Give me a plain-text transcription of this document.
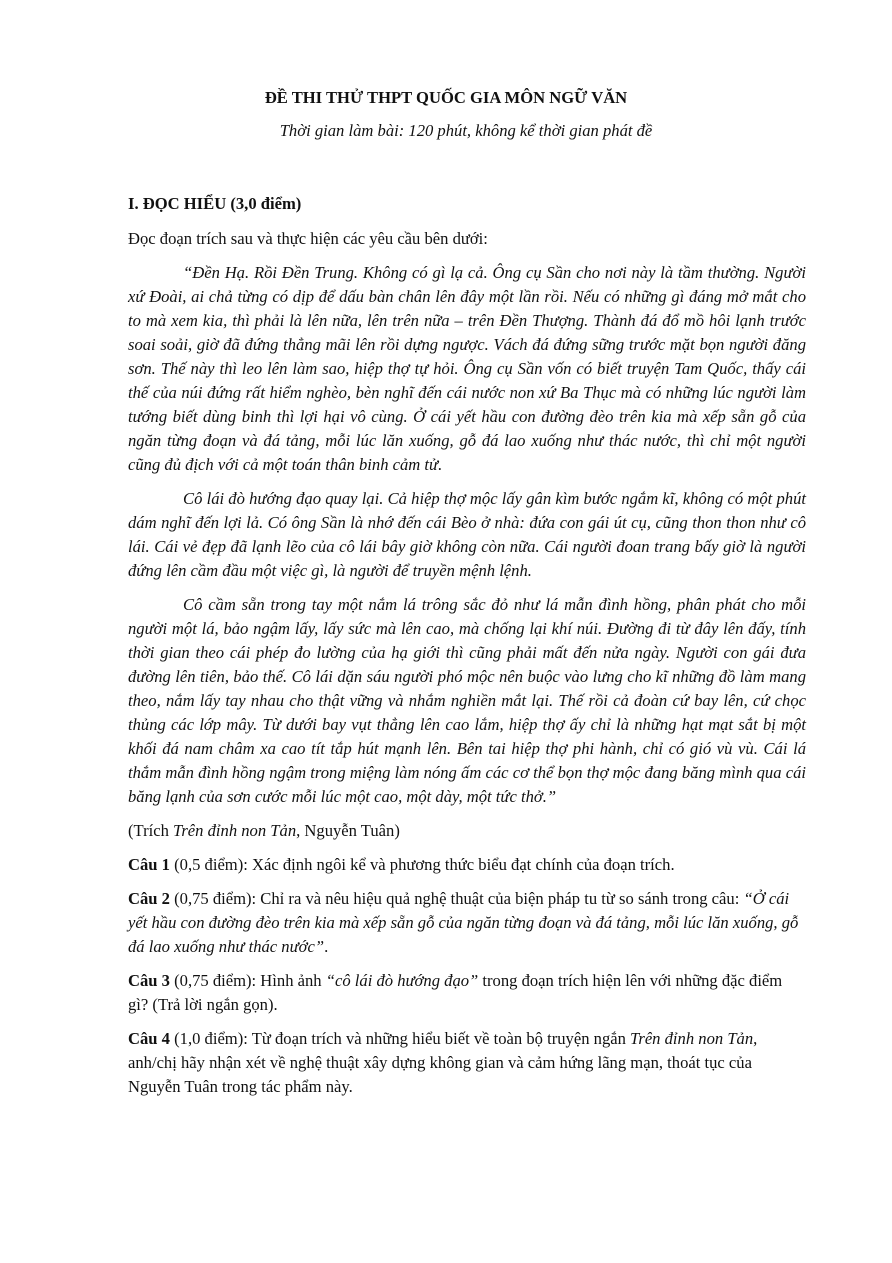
ĐỀ THI THỬ THPT QUỐC GIA MÔN NGỮ VĂN

Thời gian làm bài: 120 phút, không kể thời gian phát đề

I. ĐỌC HIỂU (3,0 điểm)

Đọc đoạn trích sau và thực hiện các yêu cầu bên dưới:

“Đền Hạ. Rồi Đền Trung. Không có gì lạ cả. Ông cụ Sần cho nơi này là tầm thường. Người xứ Đoài, ai chả từng có dịp để dấu bàn chân lên đây một lần rồi. Nếu có những gì đáng mở mắt cho to mà xem kia, thì phải là lên nữa, lên trên nữa – trên Đền Thượng. Thành đá đổ mồ hôi lạnh trước soai soải, giờ đã đứng thẳng mãi lên rồi dựng ngược. Vách đá đứng sững trước mặt bọn người đăng sơn. Thế này thì leo lên làm sao, hiệp thợ tự hỏi. Ông cụ Sần vốn có biết truyện Tam Quốc, thấy cái thế của núi đứng rất hiểm nghèo, bèn nghĩ đến cái nước non xứ Ba Thục mà có những lúc người làm tướng biết dùng binh thì lợi hại vô cùng. Ở cái yết hầu con đường đèo trên kia mà xếp sẵn gỗ của ngăn từng đoạn và đá tảng, mỗi lúc lăn xuống, gỗ đá lao xuống như thác nước, thì chỉ một người cũng đủ địch với cả một toán thân binh cảm tử.

Cô lái đò hướng đạo quay lại. Cả hiệp thợ mộc lấy gân kìm bước ngắm kĩ, không có một phút dám nghĩ đến lợi lả. Có ông Sần là nhớ đến cái Bèo ở nhà: đứa con gái út cụ, cũng thon thon như cô lái. Cái vẻ đẹp đã lạnh lẽo của cô lái bây giờ không còn nữa. Cái người đoan trang bấy giờ là người đứng lên cầm đầu một việc gì, là người để truyền mệnh lệnh.

Cô cầm sẵn trong tay một nắm lá trông sắc đỏ như lá mẫn đình hồng, phân phát cho mỗi người một lá, bảo ngậm lấy, lấy sức mà lên cao, mà chống lại khí núi. Đường đi từ đây lên đấy, tính thời gian theo cái phép đo lường của hạ giới thì cũng phải mất đến nửa ngày. Người con gái đưa đường lên tiên, bảo thế. Cô lái dặn sáu người phó mộc nên buộc vào lưng cho kĩ những đồ làm mang theo, nắm lấy tay nhau cho thật vững và nhắm nghiền mắt lại. Thế rồi cả đoàn cứ bay lên, cứ chọc thủng các lớp mây. Từ dưới bay vụt thẳng lên cao lắm, hiệp thợ ấy chỉ là những hạt mạt sắt bị một khối đá nam châm xa cao tít tắp hút mạnh lên. Bên tai hiệp thợ phi hành, chỉ có gió vù vù. Cái lá thắm mẫn đình hồng ngậm trong miệng làm nóng ấm các cơ thể bọn thợ mộc đang băng mình qua cái băng lạnh của sơn cước mỗi lúc một cao, một dày, một tức thở.”

(Trích Trên đỉnh non Tản, Nguyễn Tuân)

Câu 1 (0,5 điểm): Xác định ngôi kể và phương thức biểu đạt chính của đoạn trích.

Câu 2 (0,75 điểm): Chỉ ra và nêu hiệu quả nghệ thuật của biện pháp tu từ so sánh trong câu: “Ở cái yết hầu con đường đèo trên kia mà xếp sẵn gỗ của ngăn từng đoạn và đá tảng, mỗi lúc lăn xuống, gỗ đá lao xuống như thác nước”.

Câu 3 (0,75 điểm): Hình ảnh “cô lái đò hướng đạo” trong đoạn trích hiện lên với những đặc điểm gì? (Trả lời ngắn gọn).

Câu 4 (1,0 điểm): Từ đoạn trích và những hiểu biết về toàn bộ truyện ngắn Trên đỉnh non Tản, anh/chị hãy nhận xét về nghệ thuật xây dựng không gian và cảm hứng lãng mạn, thoát tục của Nguyễn Tuân trong tác phẩm này.
